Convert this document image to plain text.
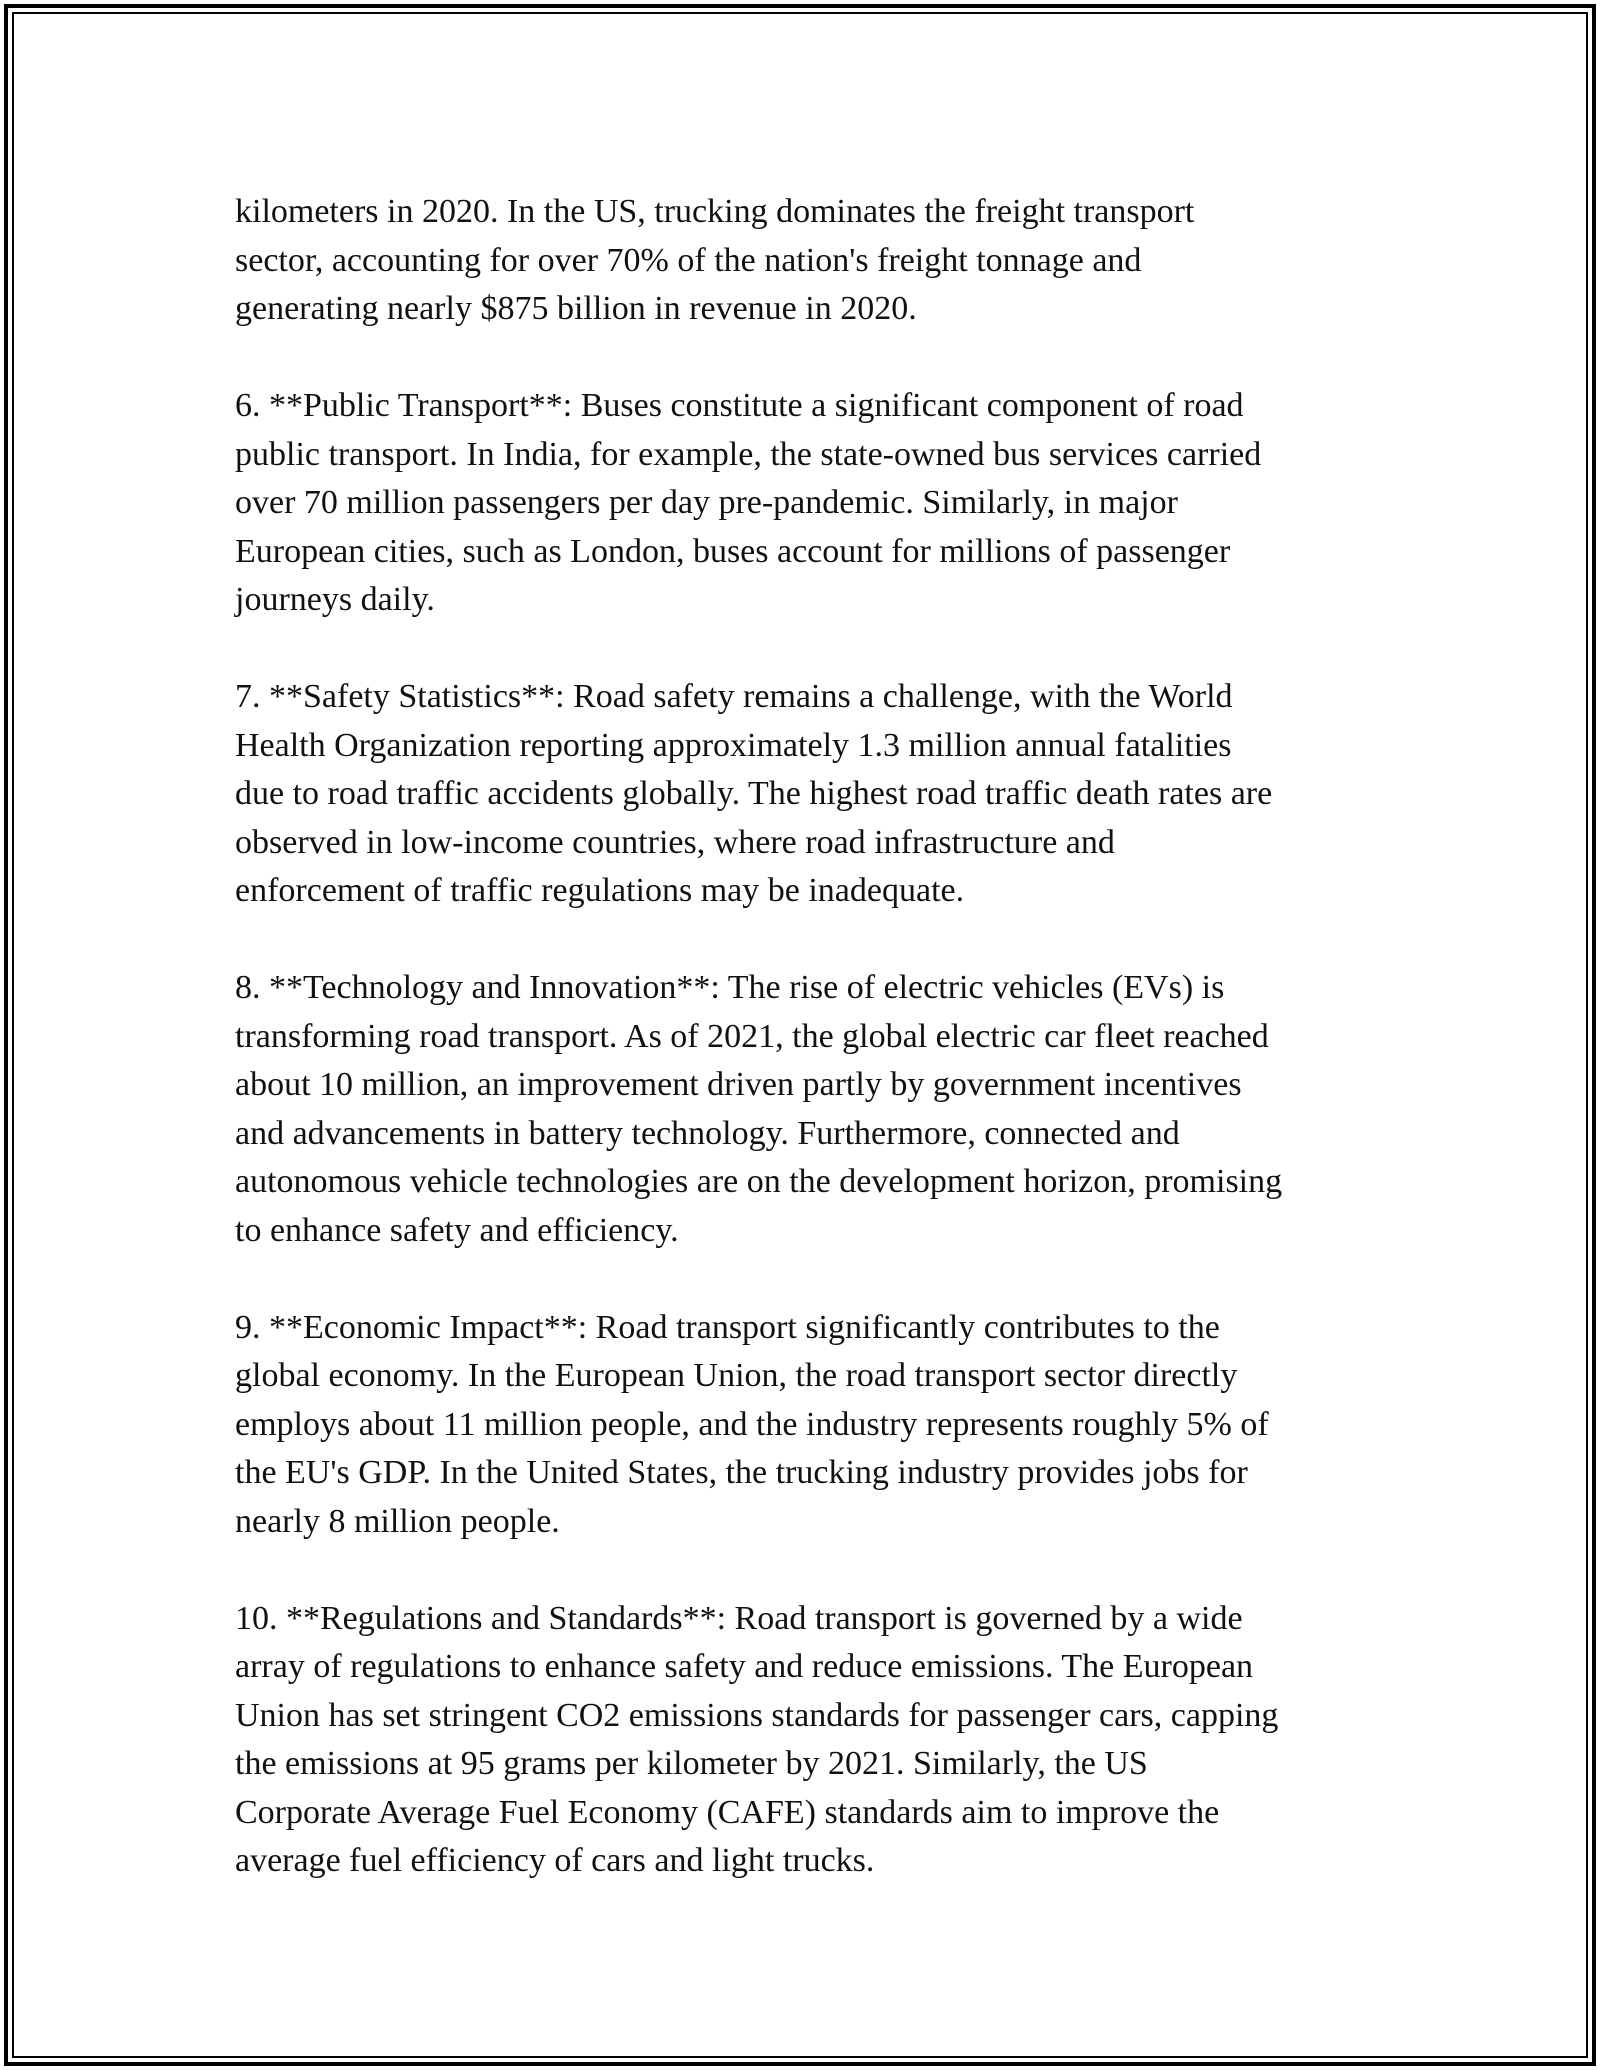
kilometers in 2020. In the US, trucking dominates the freight transport
sector, accounting for over 70% of the nation's freight tonnage and
generating nearly $875 billion in revenue in 2020.

6. **Public Transport**: Buses constitute a significant component of road
public transport. In India, for example, the state-owned bus services carried
over 70 million passengers per day pre-pandemic. Similarly, in major
European cities, such as London, buses account for millions of passenger
journeys daily.

7. **Safety Statistics**: Road safety remains a challenge, with the World
Health Organization reporting approximately 1.3 million annual fatalities
due to road traffic accidents globally. The highest road traffic death rates are
observed in low-income countries, where road infrastructure and
enforcement of traffic regulations may be inadequate.

8. **Technology and Innovation**: The rise of electric vehicles (EVs) is
transforming road transport. As of 2021, the global electric car fleet reached
about 10 million, an improvement driven partly by government incentives
and advancements in battery technology. Furthermore, connected and
autonomous vehicle technologies are on the development horizon, promising
to enhance safety and efficiency.

9. **Economic Impact**: Road transport significantly contributes to the
global economy. In the European Union, the road transport sector directly
employs about 11 million people, and the industry represents roughly 5% of
the EU's GDP. In the United States, the trucking industry provides jobs for
nearly 8 million people.

10. **Regulations and Standards**: Road transport is governed by a wide
array of regulations to enhance safety and reduce emissions. The European
Union has set stringent CO2 emissions standards for passenger cars, capping
the emissions at 95 grams per kilometer by 2021. Similarly, the US
Corporate Average Fuel Economy (CAFE) standards aim to improve the
average fuel efficiency of cars and light trucks.
